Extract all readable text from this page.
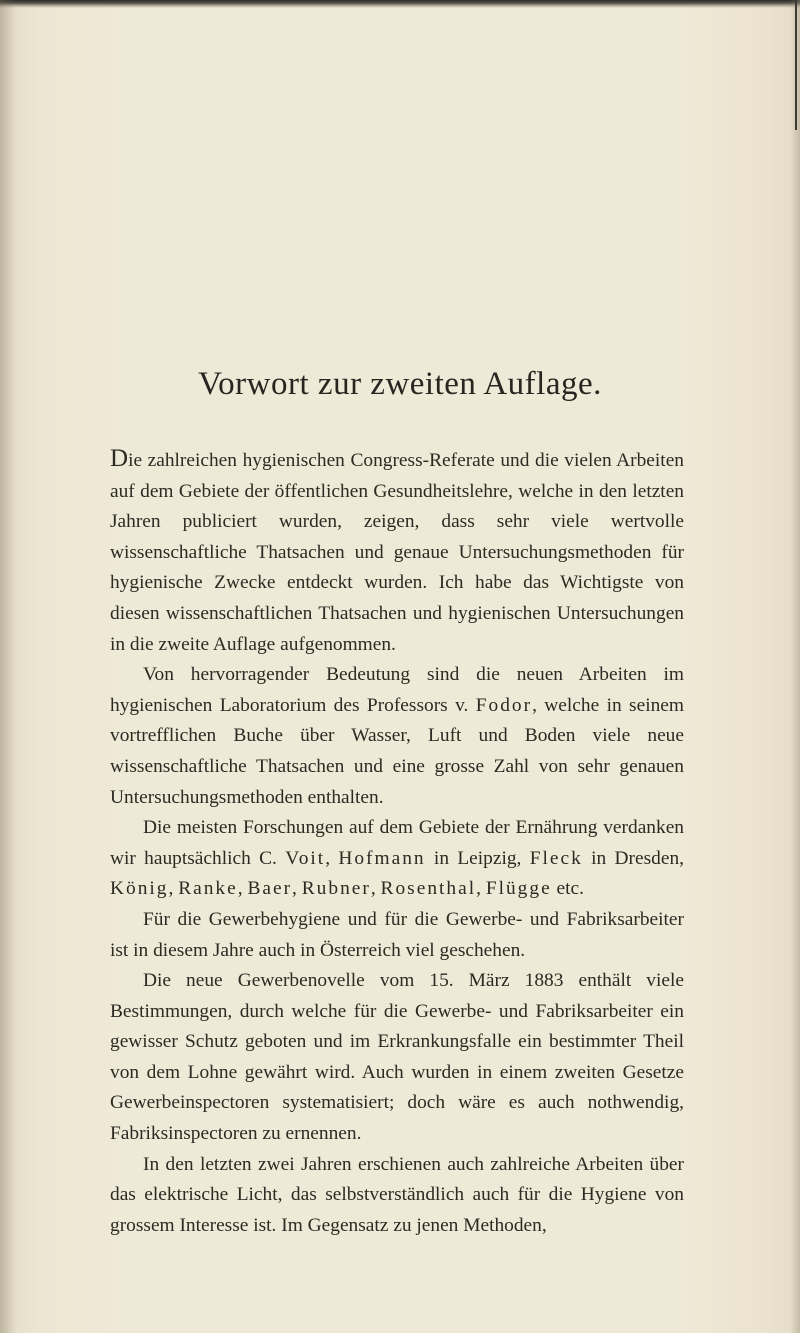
Vorwort zur zweiten Auflage.

Die zahlreichen hygienischen Congress-Referate und die vielen Arbeiten auf dem Gebiete der öffentlichen Gesundheitslehre, welche in den letzten Jahren publiciert wurden, zeigen, dass sehr viele wertvolle wissenschaftliche Thatsachen und genaue Untersuchungsmethoden für hygienische Zwecke entdeckt wurden. Ich habe das Wichtigste von diesen wissenschaftlichen Thatsachen und hygienischen Untersuchungen in die zweite Auflage aufgenommen.

Von hervorragender Bedeutung sind die neuen Arbeiten im hygienischen Laboratorium des Professors v. Fodor, welche in seinem vortrefflichen Buche über Wasser, Luft und Boden viele neue wissenschaftliche Thatsachen und eine grosse Zahl von sehr genauen Untersuchungsmethoden enthalten.

Die meisten Forschungen auf dem Gebiete der Ernährung verdanken wir hauptsächlich C. Voit, Hofmann in Leipzig, Fleck in Dresden, König, Ranke, Baer, Rubner, Rosenthal, Flügge etc.

Für die Gewerbehygiene und für die Gewerbe- und Fabriksarbeiter ist in diesem Jahre auch in Österreich viel geschehen.

Die neue Gewerbenovelle vom 15. März 1883 enthält viele Bestimmungen, durch welche für die Gewerbe- und Fabriksarbeiter ein gewisser Schutz geboten und im Erkrankungsfalle ein bestimmter Theil von dem Lohne gewährt wird. Auch wurden in einem zweiten Gesetze Gewerbeinspectoren systematisiert; doch wäre es auch nothwendig, Fabriksinspectoren zu ernennen.

In den letzten zwei Jahren erschienen auch zahlreiche Arbeiten über das elektrische Licht, das selbstverständlich auch für die Hygiene von grossem Interesse ist. Im Gegensatz zu jenen Methoden,
